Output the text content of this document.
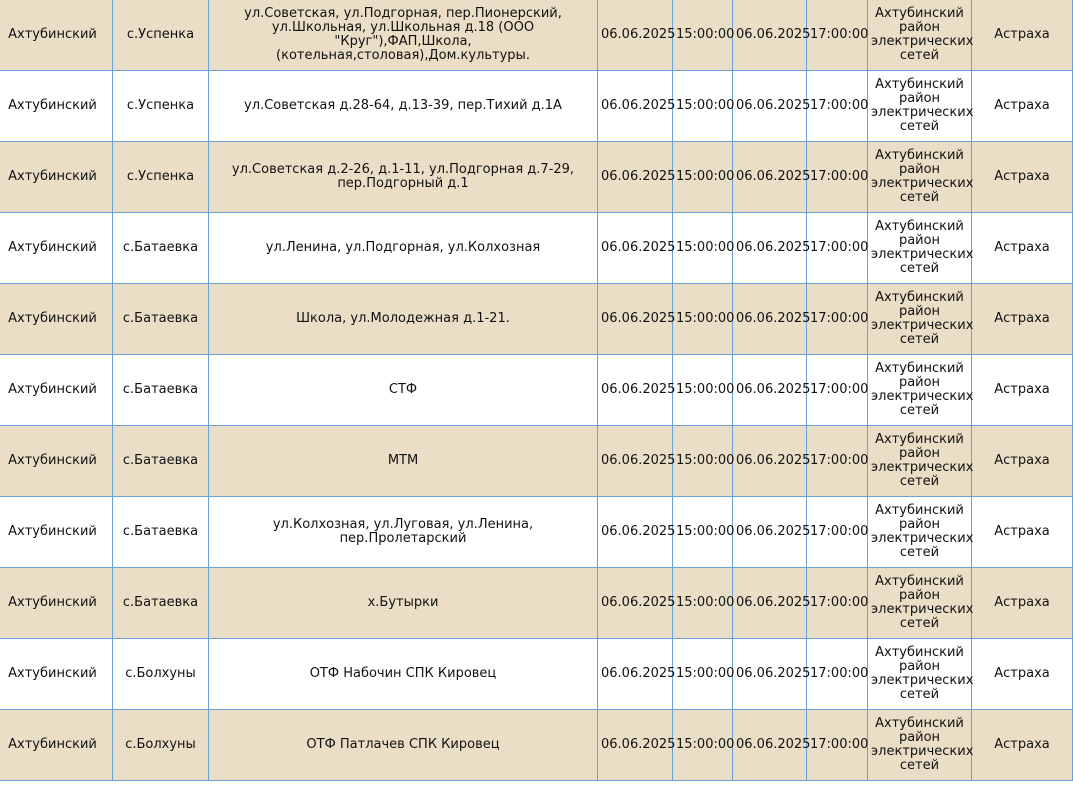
Ахтубинский	с.Успенка	ул.Советская, ул.Подгорная, пер.Пионерский, ул.Школьная, ул.Школьная д.18 (ООО "Круг"),ФАП,Школа, (котельная,столовая),Дом.культуры.	06.06.2025	15:00:00	06.06.2025	17:00:00	Ахтубинский район электрических сетей	Астраха
Ахтубинский	с.Успенка	ул.Советская д.28-64, д.13-39, пер.Тихий д.1А	06.06.2025	15:00:00	06.06.2025	17:00:00	Ахтубинский район электрических сетей	Астраха
Ахтубинский	с.Успенка	ул.Советская д.2-26, д.1-11, ул.Подгорная д.7-29, пер.Подгорный д.1	06.06.2025	15:00:00	06.06.2025	17:00:00	Ахтубинский район электрических сетей	Астраха
Ахтубинский	с.Батаевка	ул.Ленина, ул.Подгорная, ул.Колхозная	06.06.2025	15:00:00	06.06.2025	17:00:00	Ахтубинский район электрических сетей	Астраха
Ахтубинский	с.Батаевка	Школа, ул.Молодежная д.1-21.	06.06.2025	15:00:00	06.06.2025	17:00:00	Ахтубинский район электрических сетей	Астраха
Ахтубинский	с.Батаевка	СТФ	06.06.2025	15:00:00	06.06.2025	17:00:00	Ахтубинский район электрических сетей	Астраха
Ахтубинский	с.Батаевка	МТМ	06.06.2025	15:00:00	06.06.2025	17:00:00	Ахтубинский район электрических сетей	Астраха
Ахтубинский	с.Батаевка	ул.Колхозная, ул.Луговая, ул.Ленина, пер.Пролетарский	06.06.2025	15:00:00	06.06.2025	17:00:00	Ахтубинский район электрических сетей	Астраха
Ахтубинский	с.Батаевка	х.Бутырки	06.06.2025	15:00:00	06.06.2025	17:00:00	Ахтубинский район электрических сетей	Астраха
Ахтубинский	с.Болхуны	ОТФ Набочин СПК Кировец	06.06.2025	15:00:00	06.06.2025	17:00:00	Ахтубинский район электрических сетей	Астраха
Ахтубинский	с.Болхуны	ОТФ Патлачев СПК Кировец	06.06.2025	15:00:00	06.06.2025	17:00:00	Ахтубинский район электрических сетей	Астраха
